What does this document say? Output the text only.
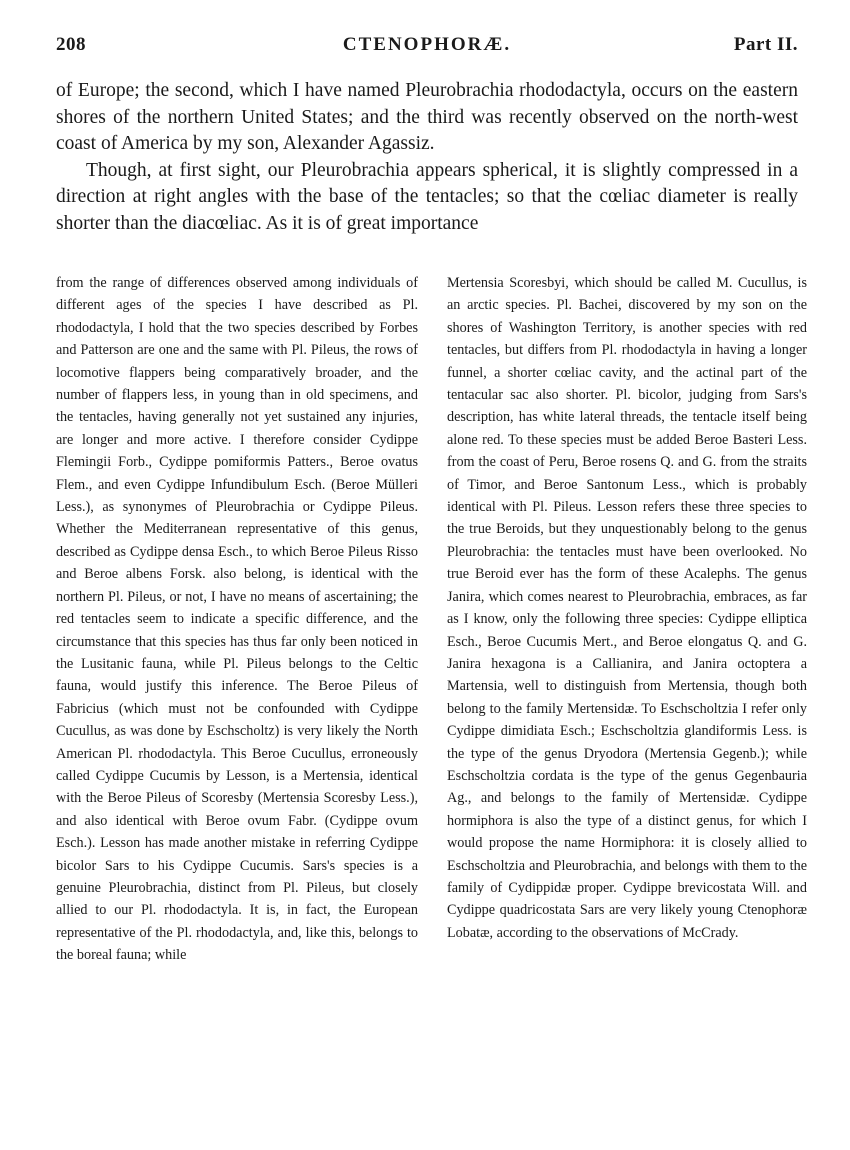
208	CTENOPHORÆ.	Part II.

of Europe; the second, which I have named Pleurobrachia rhododactyla, occurs on the eastern shores of the northern United States; and the third was recently observed on the north-west coast of America by my son, Alexander Agassiz.

Though, at first sight, our Pleurobrachia appears spherical, it is slightly compressed in a direction at right angles with the base of the tentacles; so that the cœliac diameter is really shorter than the diacœliac. As it is of great importance

from the range of differences observed among individuals of different ages of the species I have described as Pl. rhododactyla, I hold that the two species described by Forbes and Patterson are one and the same with Pl. Pileus, the rows of locomotive flappers being comparatively broader, and the number of flappers less, in young than in old specimens, and the tentacles, having generally not yet sustained any injuries, are longer and more active. I therefore consider Cydippe Flemingii Forb., Cydippe pomiformis Patters., Beroe ovatus Flem., and even Cydippe Infundibulum Esch. (Beroe Mülleri Less.), as synonymes of Pleurobrachia or Cydippe Pileus. Whether the Mediterranean representative of this genus, described as Cydippe densa Esch., to which Beroe Pileus Risso and Beroe albens Forsk. also belong, is identical with the northern Pl. Pileus, or not, I have no means of ascertaining; the red tentacles seem to indicate a specific difference, and the circumstance that this species has thus far only been noticed in the Lusitanic fauna, while Pl. Pileus belongs to the Celtic fauna, would justify this inference. The Beroe Pileus of Fabricius (which must not be confounded with Cydippe Cucullus, as was done by Eschscholtz) is very likely the North American Pl. rhododactyla. This Beroe Cucullus, erroneously called Cydippe Cucumis by Lesson, is a Mertensia, identical with the Beroe Pileus of Scoresby (Mertensia Scoresby Less.), and also identical with Beroe ovum Fabr. (Cydippe ovum Esch.). Lesson has made another mistake in referring Cydippe bicolor Sars to his Cydippe Cucumis. Sars's species is a genuine Pleurobrachia, distinct from Pl. Pileus, but closely allied to our Pl. rhododactyla. It is, in fact, the European representative of the Pl. rhododactyla, and, like this, belongs to the boreal fauna; while

Mertensia Scoresbyi, which should be called M. Cucullus, is an arctic species. Pl. Bachei, discovered by my son on the shores of Washington Territory, is another species with red tentacles, but differs from Pl. rhododactyla in having a longer funnel, a shorter cœliac cavity, and the actinal part of the tentacular sac also shorter. Pl. bicolor, judging from Sars's description, has white lateral threads, the tentacle itself being alone red. To these species must be added Beroe Basteri Less. from the coast of Peru, Beroe rosens Q. and G. from the straits of Timor, and Beroe Santonum Less., which is probably identical with Pl. Pileus. Lesson refers these three species to the true Beroids, but they unquestionably belong to the genus Pleurobrachia: the tentacles must have been overlooked. No true Beroid ever has the form of these Acalephs. The genus Janira, which comes nearest to Pleurobrachia, embraces, as far as I know, only the following three species: Cydippe elliptica Esch., Beroe Cucumis Mert., and Beroe elongatus Q. and G. Janira hexagona is a Callianira, and Janira octoptera a Martensia, well to distinguish from Mertensia, though both belong to the family Mertensidæ. To Eschscholtzia I refer only Cydippe dimidiata Esch.; Eschscholtzia glandiformis Less. is the type of the genus Dryodora (Mertensia Gegenb.); while Eschscholtzia cordata is the type of the genus Gegenbauria Ag., and belongs to the family of Mertensidæ. Cydippe hormiphora is also the type of a distinct genus, for which I would propose the name Hormiphora: it is closely allied to Eschscholtzia and Pleurobrachia, and belongs with them to the family of Cydippidæ proper. Cydippe brevicostata Will. and Cydippe quadricostata Sars are very likely young Ctenophoræ Lobatæ, according to the observations of McCrady.
